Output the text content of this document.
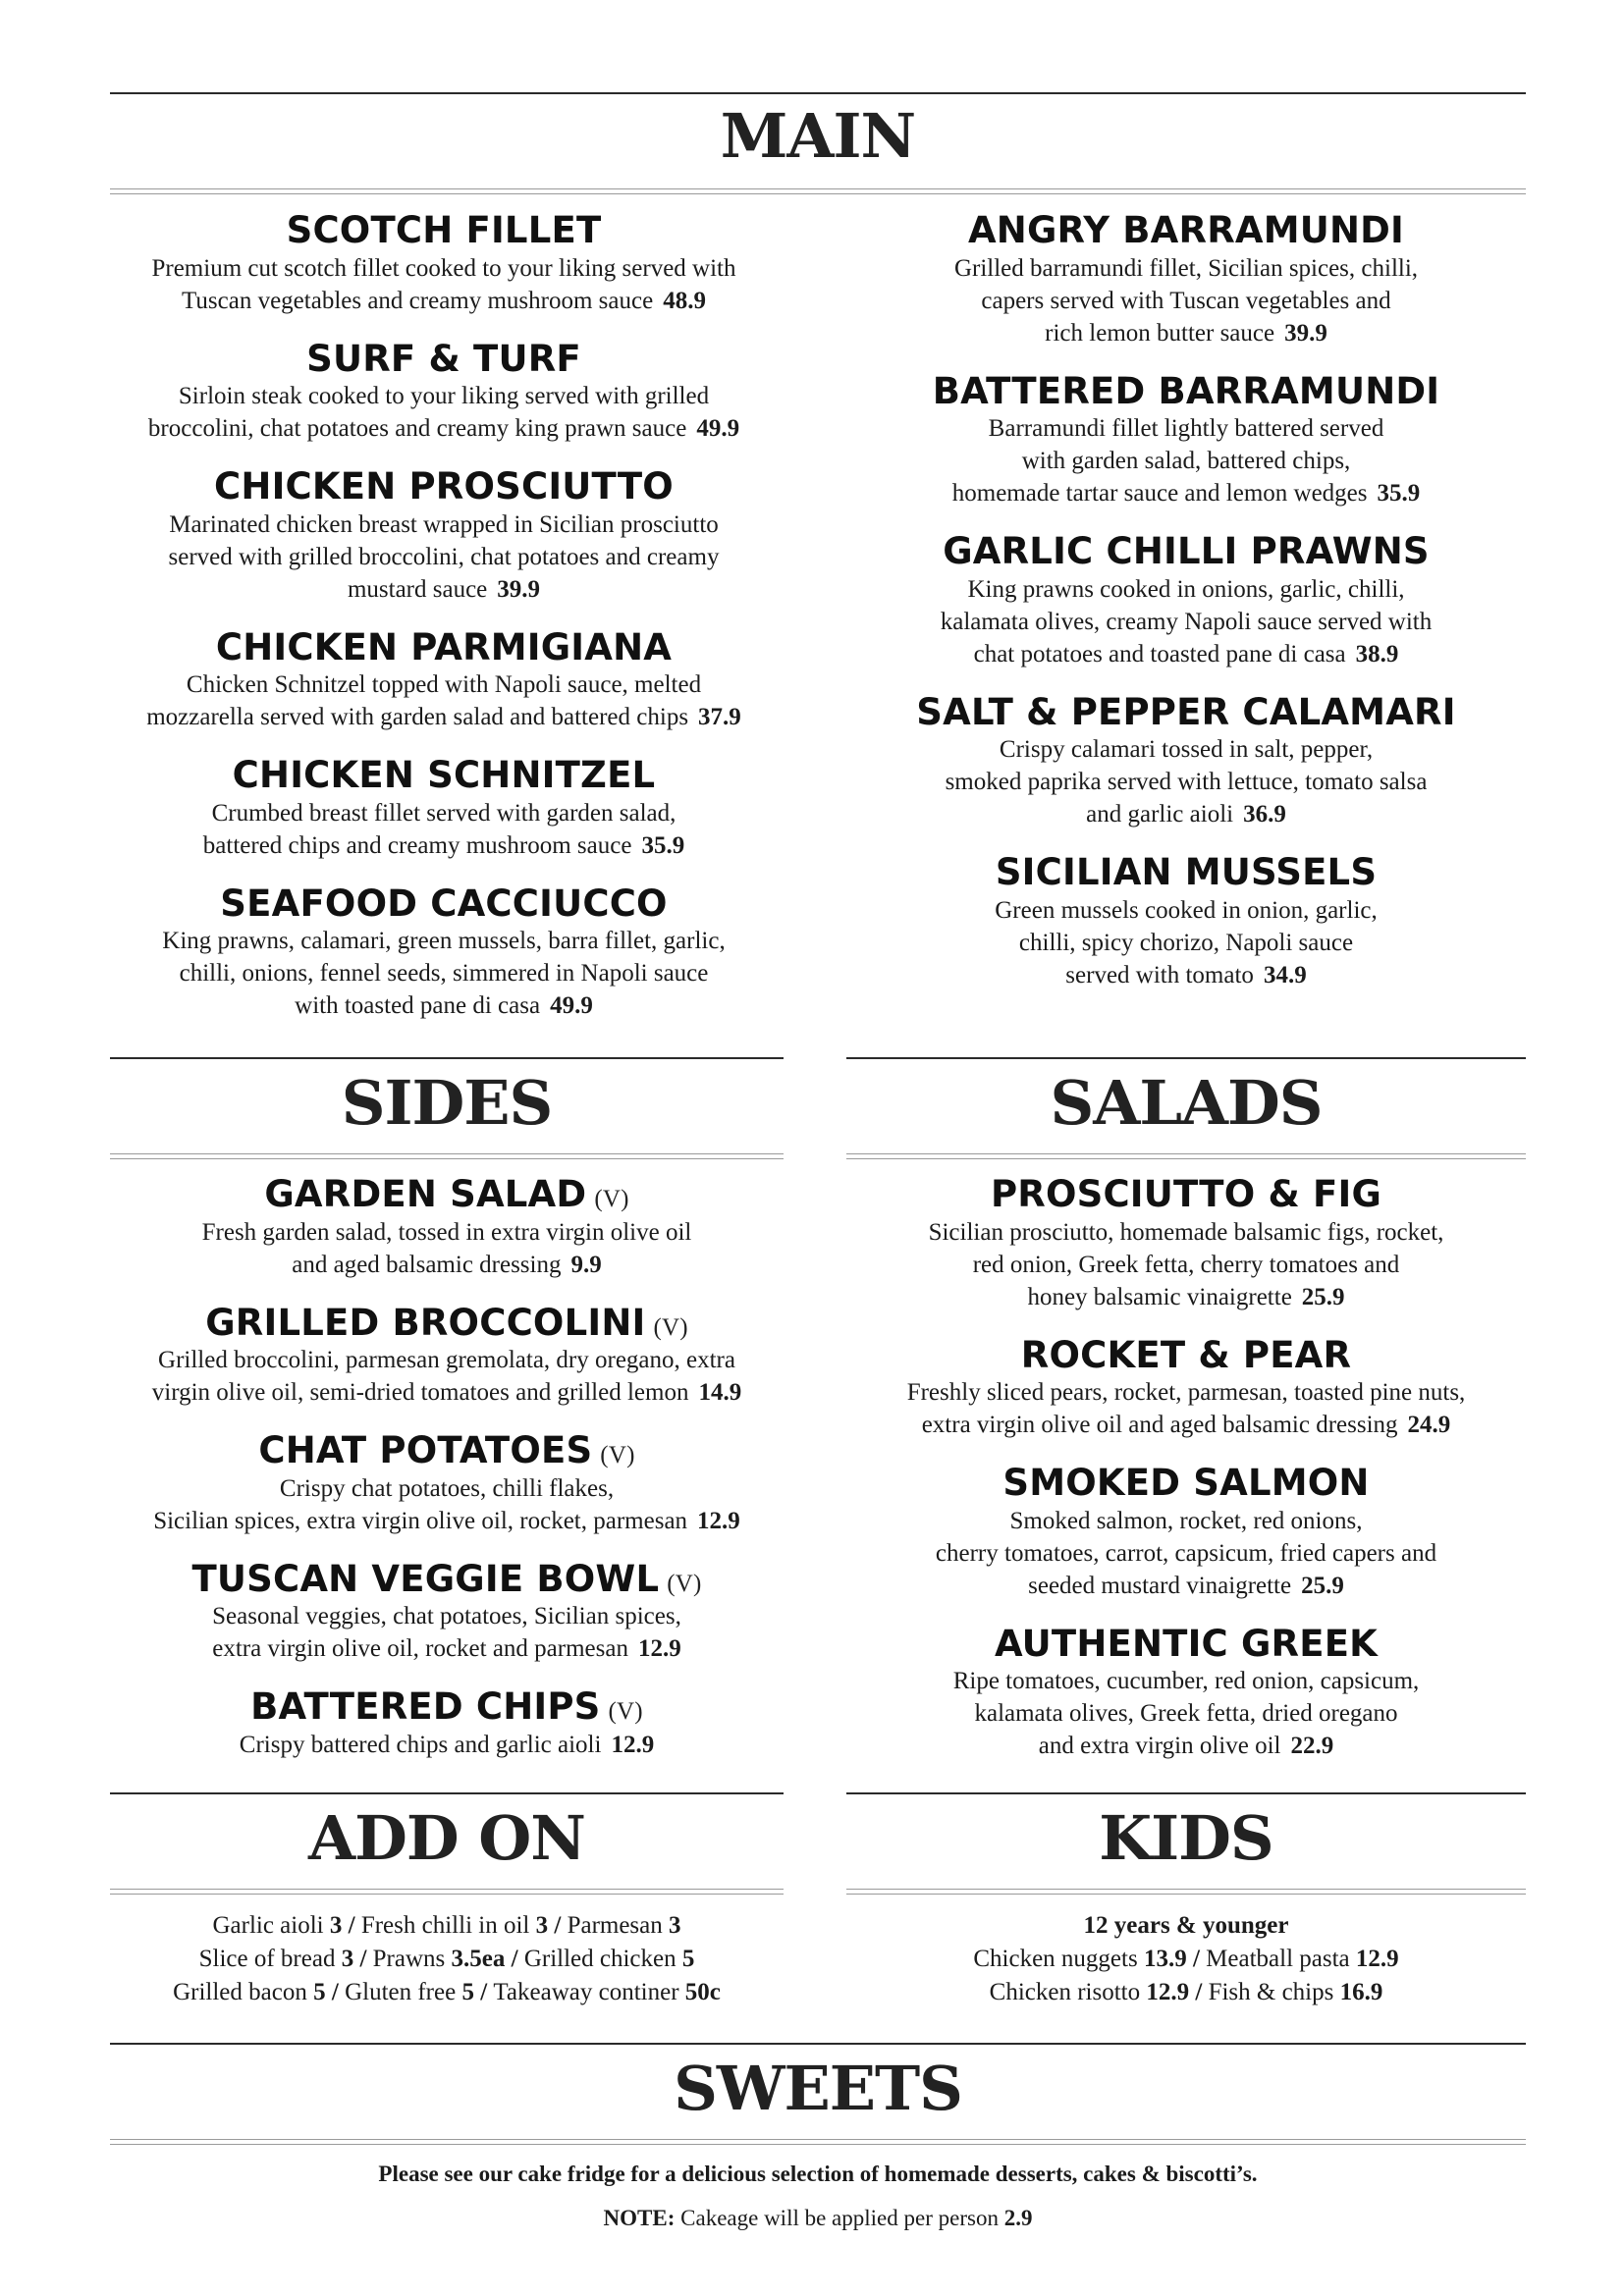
MAIN
SCOTCH FILLET
Premium cut scotch fillet cooked to your liking served with
Tuscan vegetables and creamy mushroom sauce 48.9
SURF & TURF
Sirloin steak cooked to your liking served with grilled
broccolini, chat potatoes and creamy king prawn sauce 49.9
CHICKEN PROSCIUTTO
Marinated chicken breast wrapped in Sicilian prosciutto
served with grilled broccolini, chat potatoes and creamy
mustard sauce 39.9
CHICKEN PARMIGIANA
Chicken Schnitzel topped with Napoli sauce, melted
mozzarella served with garden salad and battered chips 37.9
CHICKEN SCHNITZEL
Crumbed breast fillet served with garden salad,
battered chips and creamy mushroom sauce 35.9
SEAFOOD CACCIUCCO
King prawns, calamari, green mussels, barra fillet, garlic,
chilli, onions, fennel seeds, simmered in Napoli sauce
with toasted pane di casa 49.9
ANGRY BARRAMUNDI
Grilled barramundi fillet, Sicilian spices, chilli,
capers served with Tuscan vegetables and
rich lemon butter sauce 39.9
BATTERED BARRAMUNDI
Barramundi fillet lightly battered served
with garden salad, battered chips,
homemade tartar sauce and lemon wedges 35.9
GARLIC CHILLI PRAWNS
King prawns cooked in onions, garlic, chilli,
kalamata olives, creamy Napoli sauce served with
chat potatoes and toasted pane di casa 38.9
SALT & PEPPER CALAMARI
Crispy calamari tossed in salt, pepper,
smoked paprika served with lettuce, tomato salsa
and garlic aioli 36.9
SICILIAN MUSSELS
Green mussels cooked in onion, garlic,
chilli, spicy chorizo, Napoli sauce
served with tomato 34.9
SIDES
GARDEN SALAD (V)
Fresh garden salad, tossed in extra virgin olive oil
and aged balsamic dressing 9.9
GRILLED BROCCOLINI (V)
Grilled broccolini, parmesan gremolata, dry oregano, extra
virgin olive oil, semi-dried tomatoes and grilled lemon 14.9
CHAT POTATOES (V)
Crispy chat potatoes, chilli flakes,
Sicilian spices, extra virgin olive oil, rocket, parmesan 12.9
TUSCAN VEGGIE BOWL (V)
Seasonal veggies, chat potatoes, Sicilian spices,
extra virgin olive oil, rocket and parmesan 12.9
BATTERED CHIPS (V)
Crispy battered chips and garlic aioli 12.9
SALADS
PROSCIUTTO & FIG
Sicilian prosciutto, homemade balsamic figs, rocket,
red onion, Greek fetta, cherry tomatoes and
honey balsamic vinaigrette 25.9
ROCKET & PEAR
Freshly sliced pears, rocket, parmesan, toasted pine nuts,
extra virgin olive oil and aged balsamic dressing 24.9
SMOKED SALMON
Smoked salmon, rocket, red onions,
cherry tomatoes, carrot, capsicum, fried capers and
seeded mustard vinaigrette 25.9
AUTHENTIC GREEK
Ripe tomatoes, cucumber, red onion, capsicum,
kalamata olives, Greek fetta, dried oregano
and extra virgin olive oil 22.9
ADD ON
Garlic aioli 3 / Fresh chilli in oil 3 / Parmesan 3
Slice of bread 3 / Prawns 3.5ea / Grilled chicken 5
Grilled bacon 5 / Gluten free 5 / Takeaway continer 50c
KIDS
12 years & younger
Chicken nuggets 13.9 / Meatball pasta 12.9
Chicken risotto 12.9 / Fish & chips 16.9
SWEETS
Please see our cake fridge for a delicious selection of homemade desserts, cakes & biscotti’s.
NOTE: Cakeage will be applied per person 2.9
